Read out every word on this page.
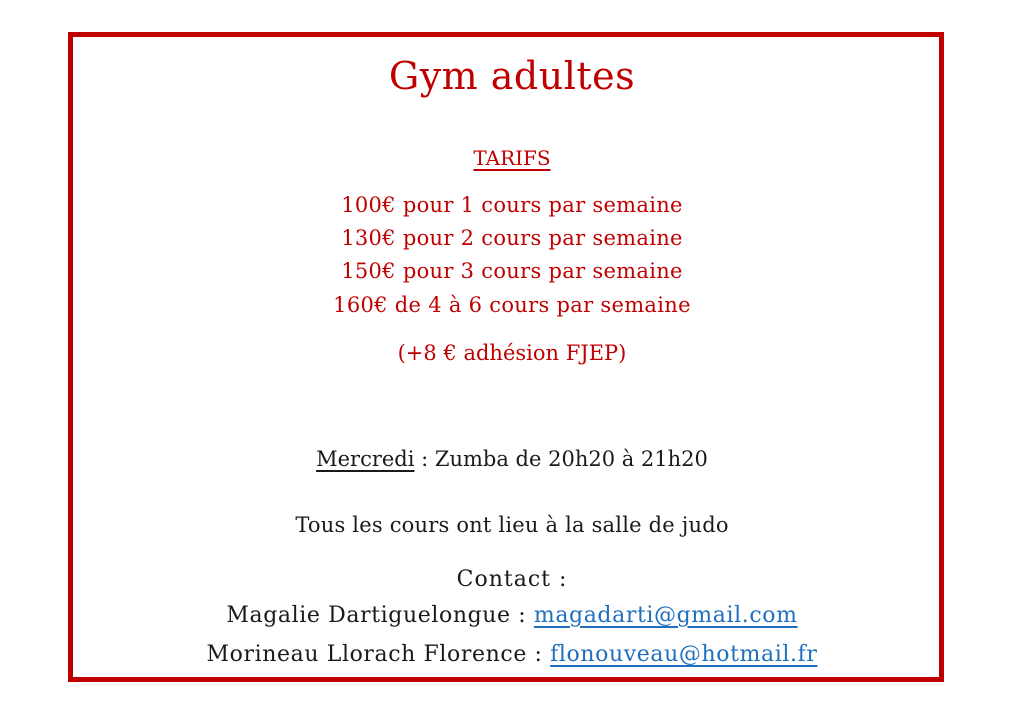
Gym adultes
TARIFS
100€ pour 1 cours par semaine
130€ pour 2 cours par semaine
150€ pour 3 cours par semaine
160€ de 4 à 6 cours par semaine
(+8 € adhésion FJEP)
Mercredi : Zumba de 20h20 à 21h20
Tous les cours ont lieu à la salle de judo
Contact :
Magalie Dartiguelongue : magadarti@gmail.com
Morineau Llorach Florence : flonouveau@hotmail.fr
